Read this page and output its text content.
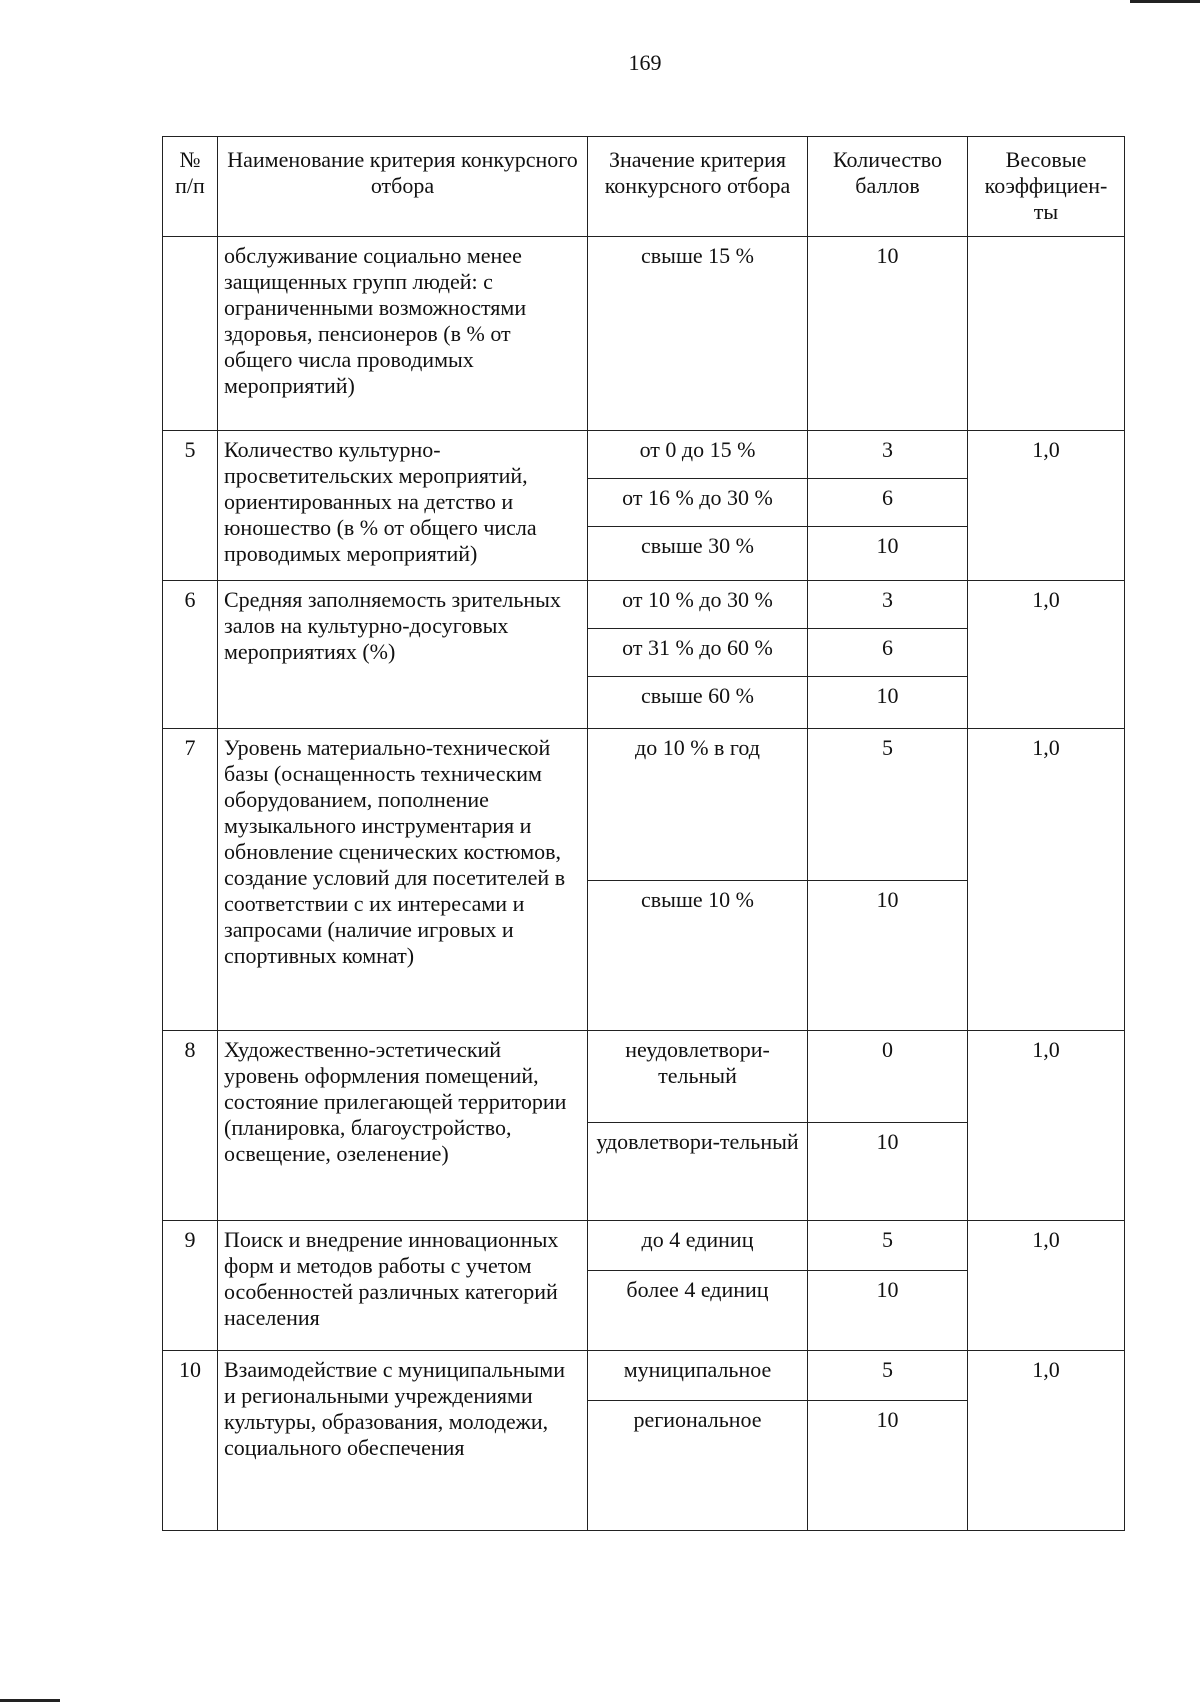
169
№ п/п	Наименование критерия конкурсного отбора	Значение критерия конкурсного отбора	Количество баллов	Весовые коэффициен-ты
	обслуживание социально менее защищенных групп людей: с ограниченными возможностями здоровья, пенсионеров (в % от общего числа проводимых мероприятий)	свыше 15 %	10	
5	Количество культурно-просветительских мероприятий, ориентированных на детство и юношество (в % от общего числа проводимых мероприятий)	от 0 до 15 %	3	1,0
		от 16 % до 30 %	6	
		свыше 30 %	10	
6	Средняя заполняемость зрительных залов на культурно-досуговых мероприятиях (%)	от 10 % до 30 %	3	1,0
		от 31 % до 60 %	6	
		свыше 60 %	10	
7	Уровень материально-технической базы (оснащенность техническим оборудованием, пополнение музыкального инструментария и обновление сценических костюмов, создание условий для посетителей в соответствии с их интересами и запросами (наличие игровых и спортивных комнат)	до 10 % в год	5	1,0
		свыше 10 %	10	
8	Художественно-эстетический уровень оформления помещений, состояние прилегающей территории (планировка, благоустройство, освещение, озеленение)	неудовлетвори-тельный	0	1,0
		удовлетвори-тельный	10	
9	Поиск и внедрение инновационных форм и методов работы с учетом особенностей различных категорий населения	до 4 единиц	5	1,0
		более 4 единиц	10	
10	Взаимодействие с муниципальными и региональными учреждениями культуры, образования, молодежи, социального обеспечения	муниципальное	5	1,0
		региональное	10	
